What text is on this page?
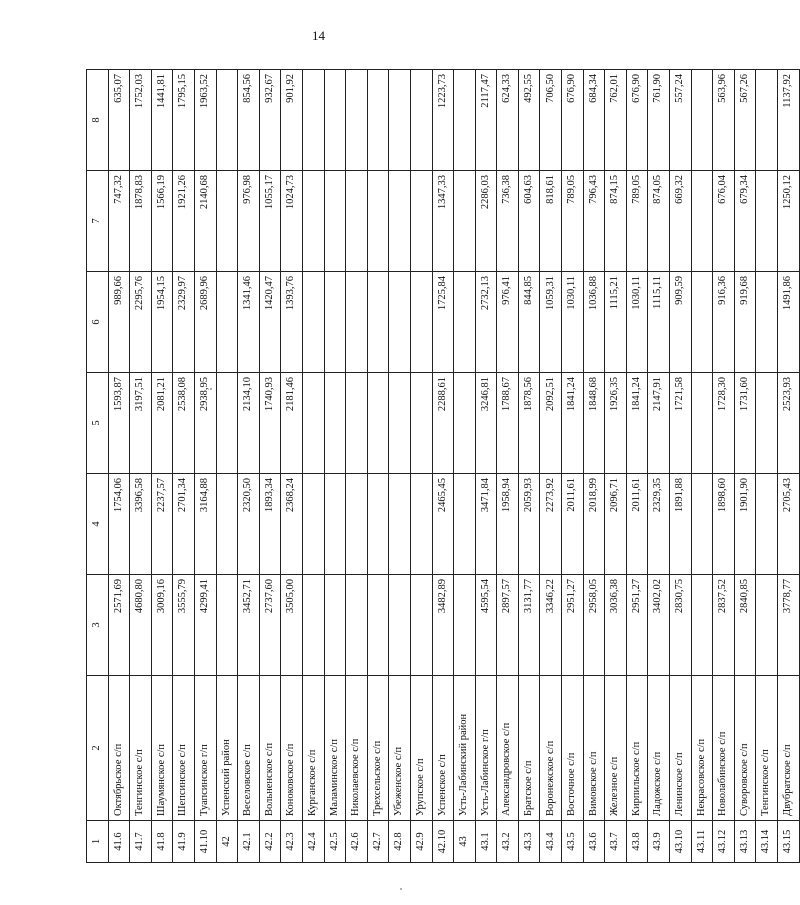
14
1	2	3	4	5	6	7	8
41.6	Октябрьское с/п	2571,69	1754,06	1593,87	989,66	747,32	635,07
41.7	Тенгинское с/п	4680,80	3396,58	3197,51	2295,76	1878,83	1752,03
41.8	Шаумянское с/п	3009,16	2237,57	2081,21	1954,15	1566,19	1441,81
41.9	Шепсинское с/п	3555,79	2701,34	2538,08	2329,97	1921,26	1795,15
41.10	Туапсинское г/п	4299,41	3164,88	2938,95	2689,96	2140,68	1963,52
42	Успенский район						
42.1	Веселовское с/п	3452,71	2320,50	2134,10	1341,46	976,98	854,56
42.2	Вольненское с/п	2737,60	1893,34	1740,93	1420,47	1055,17	932,67
42.3	Коноковское с/п	3505,00	2368,24	2181,46	1393,76	1024,73	901,92
42.4	Курганское с/п						
42.5	Маламинское с/п						
42.6	Николаевское с/п						
42.7	Трехсельское с/п						
42.8	Убеженское с/п						
42.9	Урупское с/п						
42.10	Успенское с/п	3482,89	2465,45	2288,61	1725,84	1347,33	1223,73
43	Усть-Лабинский район						
43.1	Усть-Лабинское г/п	4595,54	3471,84	3246,81	2732,13	2286,03	2117,47
43.2	Александровское с/п	2897,57	1958,94	1788,67	976,41	736,38	624,33
43.3	Братское с/п	3131,77	2059,93	1878,56	844,85	604,63	492,55
43.4	Воронежское с/п	3346,22	2273,92	2092,51	1059,31	818,61	706,50
43.5	Восточное с/п	2951,27	2011,61	1841,24	1030,11	789,05	676,90
43.6	Вимовское с/п	2958,05	2018,99	1848,68	1036,88	796,43	684,34
43.7	Железное с/п	3036,38	2096,71	1926,35	1115,21	874,15	762,01
43.8	Кирпильское с/п	2951,27	2011,61	1841,24	1030,11	789,05	676,90
43.9	Ладожское с/п	3402,02	2329,35	2147,91	1115,11	874,05	761,90
43.10	Ленинское с/п	2830,75	1891,88	1721,58	909,59	669,32	557,24
43.11	Некрасовское с/п						
43.12	Новолабинское с/п	2837,52	1898,60	1728,30	916,36	676,04	563,96
43.13	Суворовское с/п	2840,85	1901,90	1731,60	919,68	679,34	567,26
43.14	Тенгинское с/п						
43.15	Двубратское с/п	3778,77	2705,43	2523,93	1491,86	1250,12	1137,92
